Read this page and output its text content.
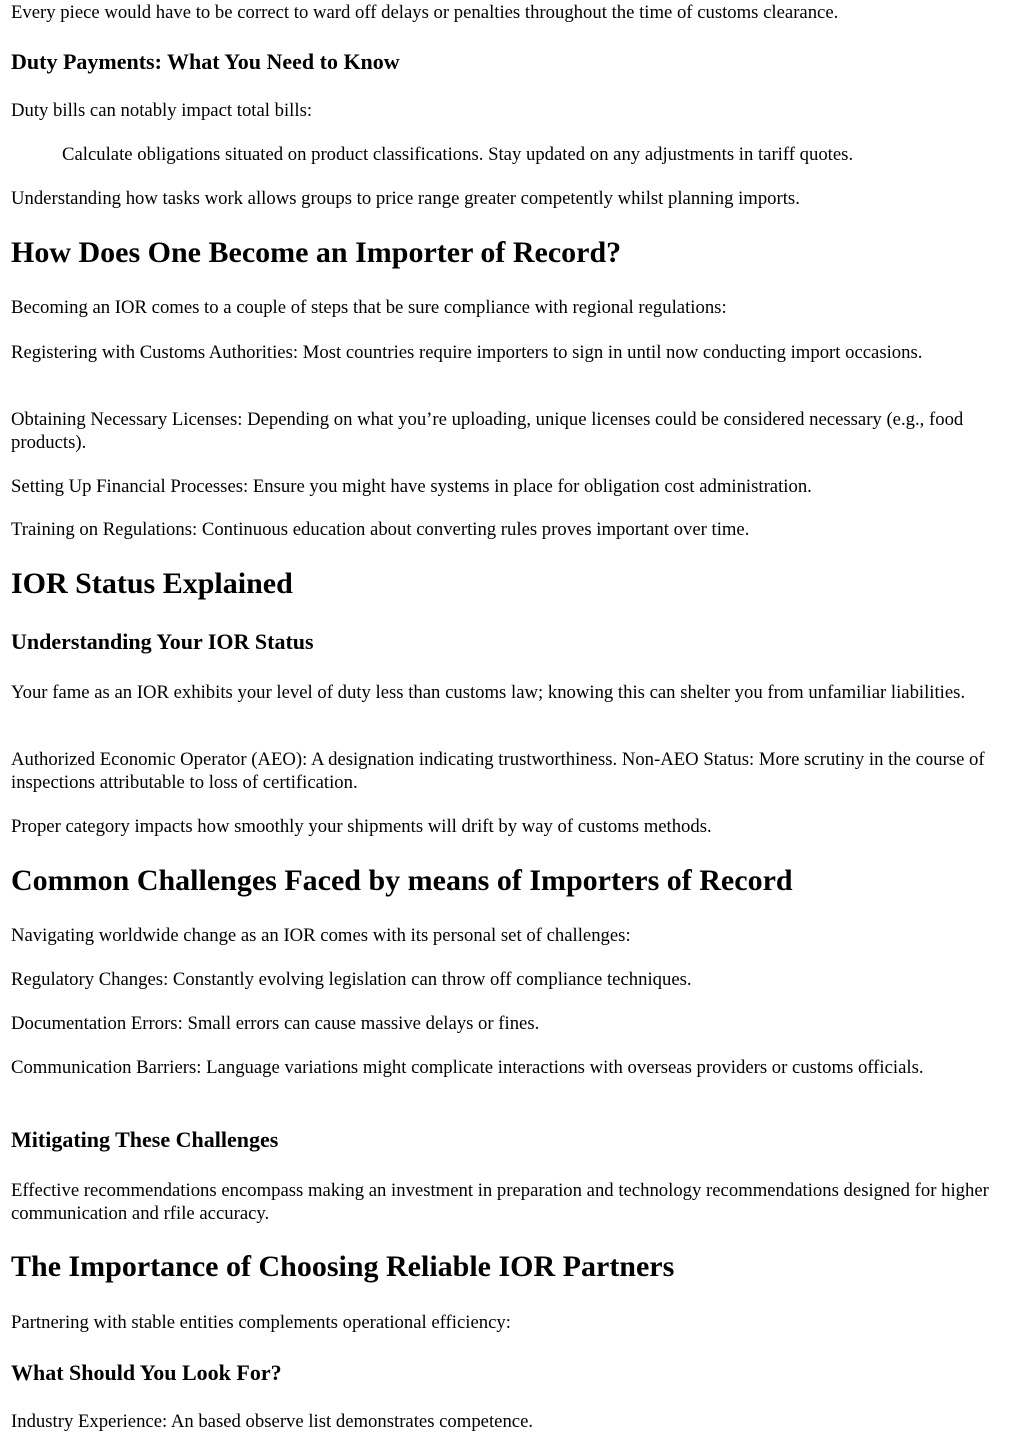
Every piece would have to be correct to ward off delays or penalties throughout the time of customs clearance.

Duty Payments: What You Need to Know

Duty bills can notably impact total bills:

Calculate obligations situated on product classifications. Stay updated on any adjustments in tariff quotes.

Understanding how tasks work allows groups to price range greater competently whilst planning imports.

How Does One Become an Importer of Record?

Becoming an IOR comes to a couple of steps that be sure compliance with regional regulations:

Registering with Customs Authorities: Most countries require importers to sign in until now conducting import occasions.

Obtaining Necessary Licenses: Depending on what you’re uploading, unique licenses could be considered necessary (e.g., food products).

Setting Up Financial Processes: Ensure you might have systems in place for obligation cost administration.

Training on Regulations: Continuous education about converting rules proves important over time.

IOR Status Explained
Understanding Your IOR Status

Your fame as an IOR exhibits your level of duty less than customs law; knowing this can shelter you from unfamiliar liabilities.

Authorized Economic Operator (AEO): A designation indicating trustworthiness. Non-AEO Status: More scrutiny in the course of inspections attributable to loss of certification.

Proper category impacts how smoothly your shipments will drift by way of customs methods.

Common Challenges Faced by means of Importers of Record

Navigating worldwide change as an IOR comes with its personal set of challenges:

Regulatory Changes: Constantly evolving legislation can throw off compliance techniques.

Documentation Errors: Small errors can cause massive delays or fines.

Communication Barriers: Language variations might complicate interactions with overseas providers or customs officials.

Mitigating These Challenges

Effective recommendations encompass making an investment in preparation and technology recommendations designed for higher communication and rfile accuracy.

The Importance of Choosing Reliable IOR Partners

Partnering with stable entities complements operational efficiency:

What Should You Look For?

Industry Experience: An based observe list demonstrates competence.
